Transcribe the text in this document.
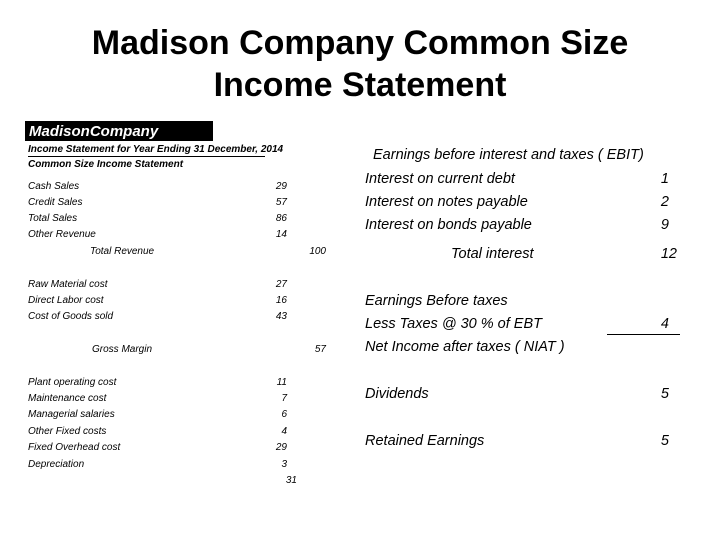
Madison Company Common Size
Income Statement
MadisonCompany
Income Statement for Year Ending 31 December, 2014
Common Size Income Statement
Cash Sales	29
Credit Sales	57
Total Sales	86
Other Revenue	14
Total Revenue	100
Raw Material cost	27
Direct Labor cost	16
Cost of Goods sold	43
Gross Margin	57
Plant operating cost	11
Maintenance cost	7
Managerial salaries	6
Other Fixed costs	4
Fixed Overhead cost	29
Depreciation	3
31
Earnings before interest and taxes ( EBIT)
Interest on current debt	1
Interest on notes payable	2
Interest on bonds payable	9
Total interest	12
Earnings Before taxes
Less Taxes @ 30 % of EBT	4
Net Income after taxes ( NIAT )
Dividends	5
Retained Earnings	5
